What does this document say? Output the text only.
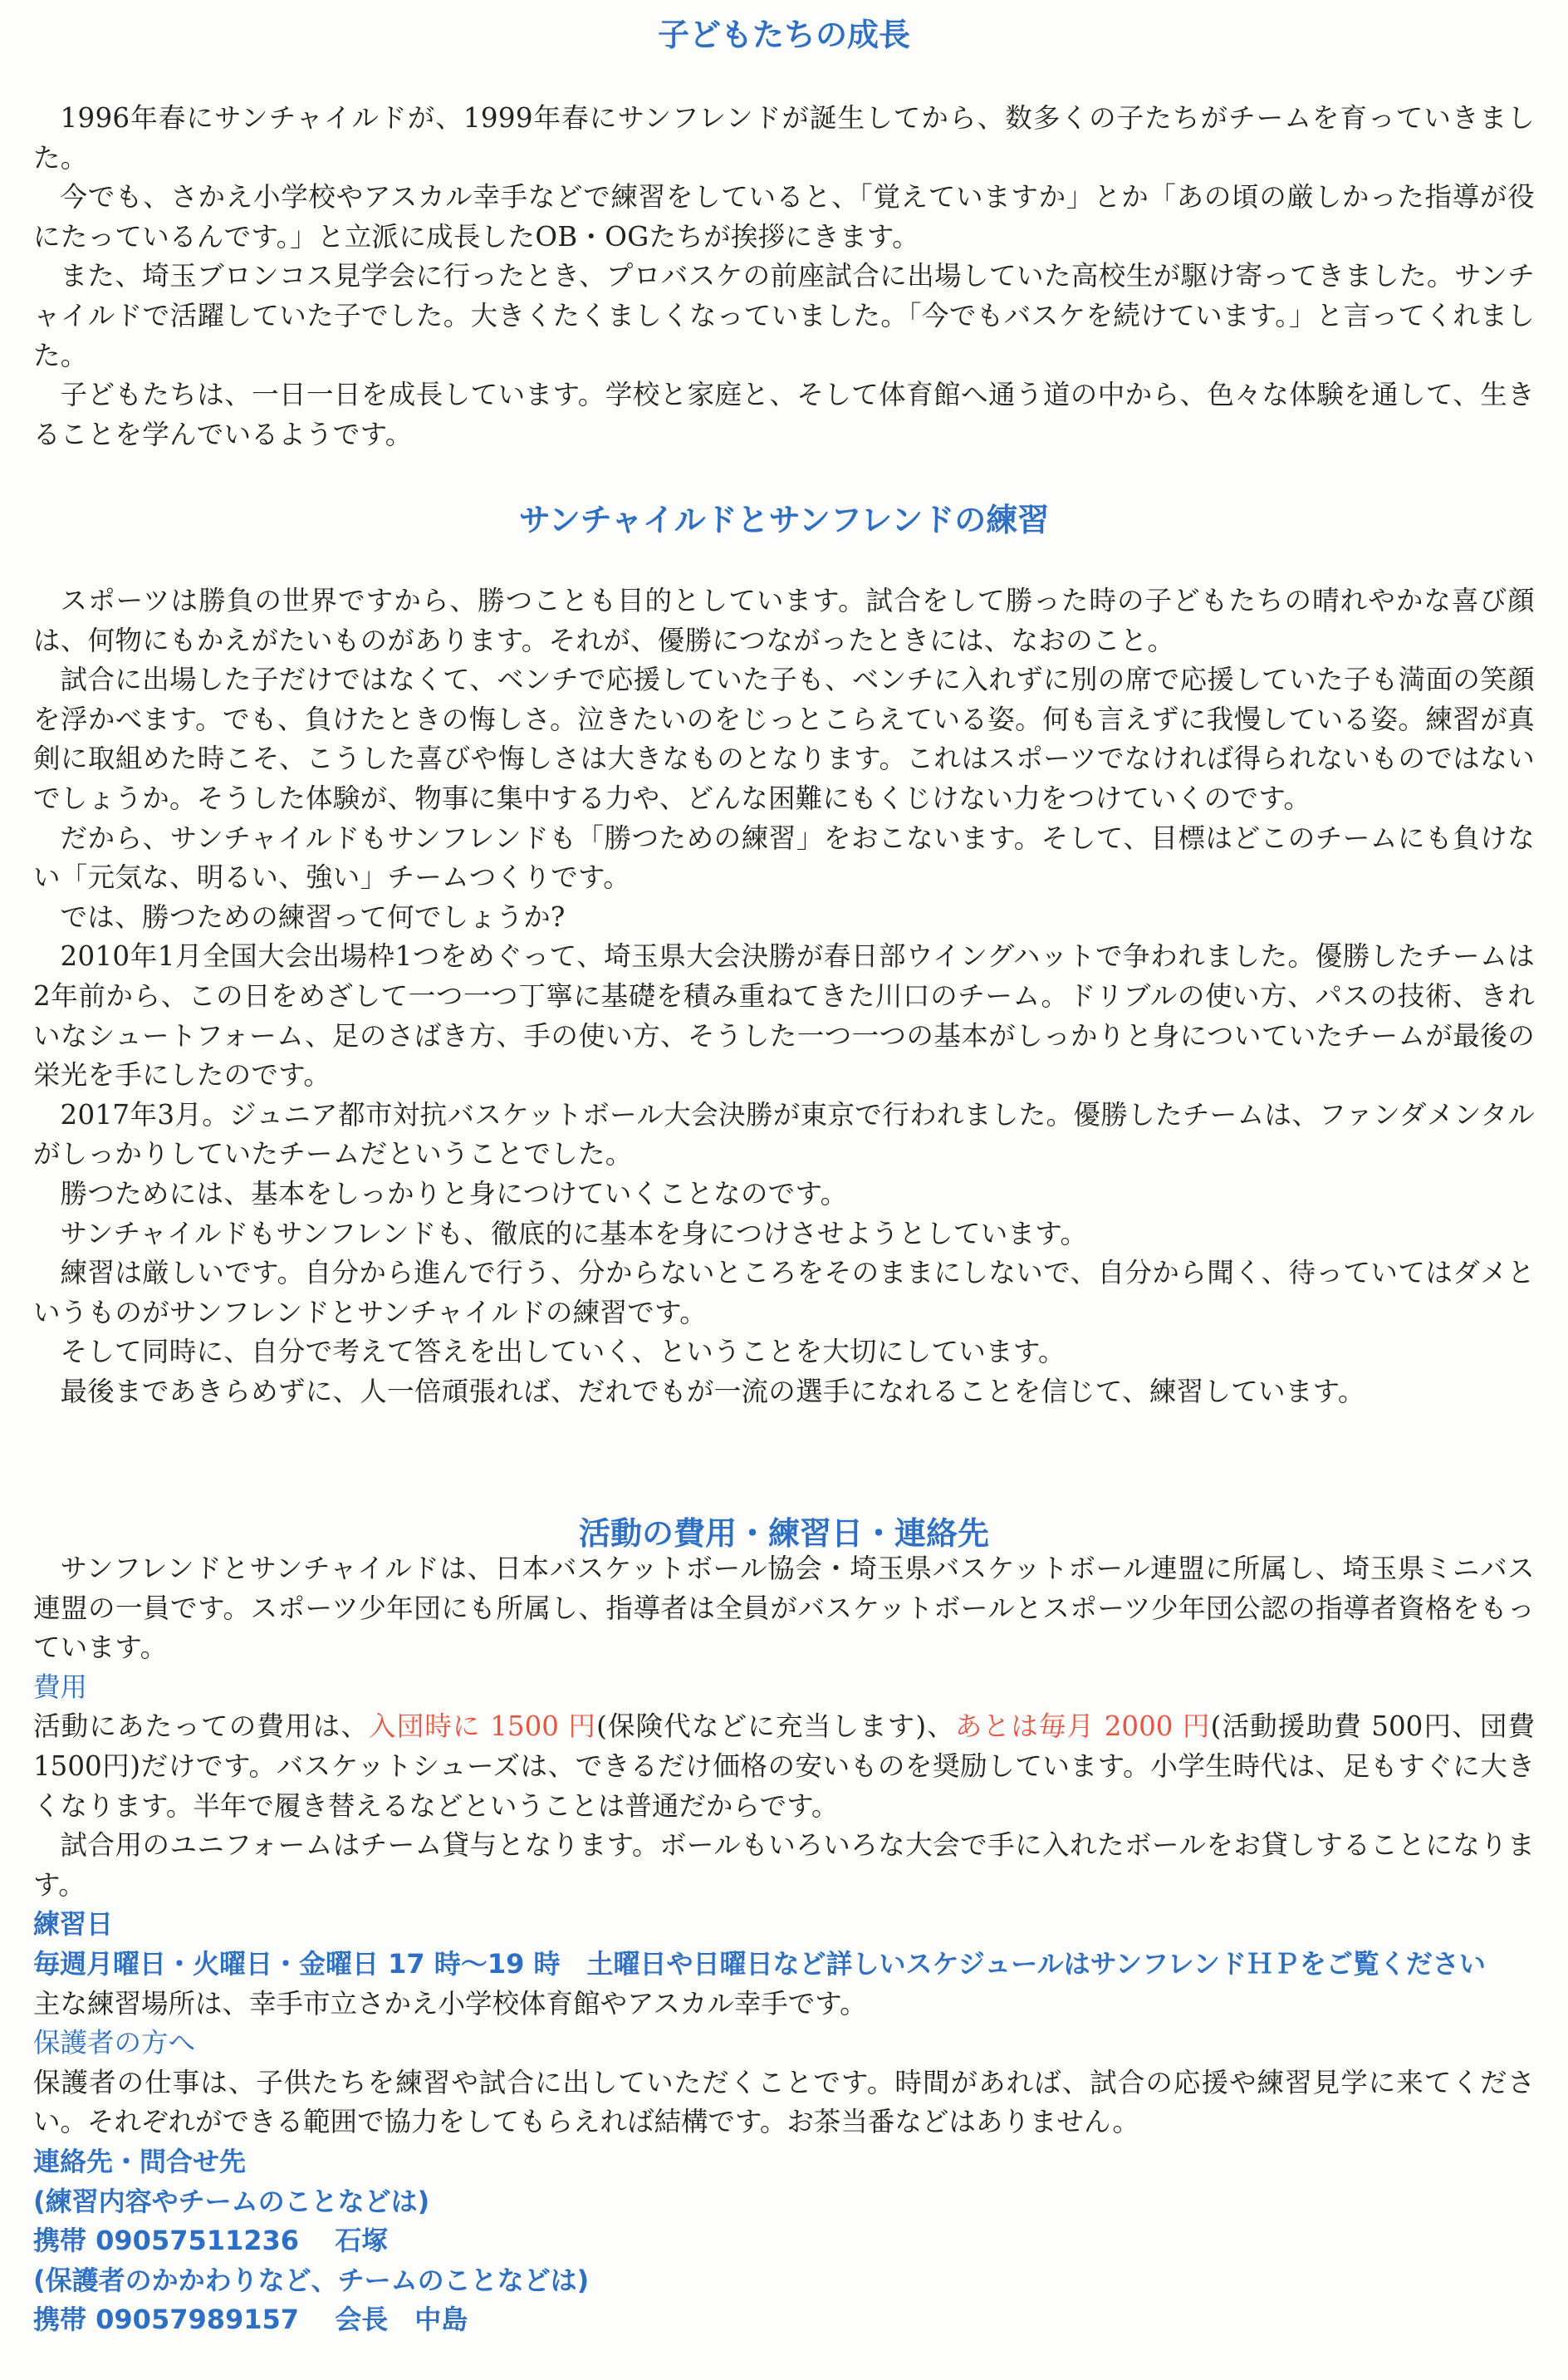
子どもたちの成長

1996年春にサンチャイルドが、1999年春にサンフレンドが誕生してから、数多くの子たちがチームを育っていきました。

今でも、さかえ小学校やアスカル幸手などで練習をしていると、「覚えていますか」とか「あの頃の厳しかった指導が役にたっているんです。」と立派に成長したOB・OGたちが挨拶にきます。

また、埼玉ブロンコス見学会に行ったとき、プロバスケの前座試合に出場していた高校生が駆け寄ってきました。サンチャイルドで活躍していた子でした。大きくたくましくなっていました。「今でもバスケを続けています。」と言ってくれました。

子どもたちは、一日一日を成長しています。学校と家庭と、そして体育館へ通う道の中から、色々な体験を通して、生きることを学んでいるようです。

サンチャイルドとサンフレンドの練習

スポーツは勝負の世界ですから、勝つことも目的としています。試合をして勝った時の子どもたちの晴れやかな喜び顔は、何物にもかえがたいものがあります。それが、優勝につながったときには、なおのこと。

試合に出場した子だけではなくて、ベンチで応援していた子も、ベンチに入れずに別の席で応援していた子も満面の笑顔を浮かべます。でも、負けたときの悔しさ。泣きたいのをじっとこらえている姿。何も言えずに我慢している姿。練習が真剣に取組めた時こそ、こうした喜びや悔しさは大きなものとなります。これはスポーツでなければ得られないものではないでしょうか。そうした体験が、物事に集中する力や、どんな困難にもくじけない力をつけていくのです。

だから、サンチャイルドもサンフレンドも「勝つための練習」をおこないます。そして、目標はどこのチームにも負けない「元気な、明るい、強い」チームつくりです。

では、勝つための練習って何でしょうか?

2010年1月全国大会出場枠1つをめぐって、埼玉県大会決勝が春日部ウイングハットで争われました。優勝したチームは2年前から、この日をめざして一つ一つ丁寧に基礎を積み重ねてきた川口のチーム。ドリブルの使い方、パスの技術、きれいなシュートフォーム、足のさばき方、手の使い方、そうした一つ一つの基本がしっかりと身についていたチームが最後の栄光を手にしたのです。

2017年3月。ジュニア都市対抗バスケットボール大会決勝が東京で行われました。優勝したチームは、ファンダメンタルがしっかりしていたチームだということでした。

勝つためには、基本をしっかりと身につけていくことなのです。

サンチャイルドもサンフレンドも、徹底的に基本を身につけさせようとしています。

練習は厳しいです。自分から進んで行う、分からないところをそのままにしないで、自分から聞く、待っていてはダメというものがサンフレンドとサンチャイルドの練習です。

そして同時に、自分で考えて答えを出していく、ということを大切にしています。

最後まであきらめずに、人一倍頑張れば、だれでもが一流の選手になれることを信じて、練習しています。

活動の費用・練習日・連絡先

サンフレンドとサンチャイルドは、日本バスケットボール協会・埼玉県バスケットボール連盟に所属し、埼玉県ミニバス連盟の一員です。スポーツ少年団にも所属し、指導者は全員がバスケットボールとスポーツ少年団公認の指導者資格をもっています。

費用

活動にあたっての費用は、入団時に 1500 円(保険代などに充当します)、あとは毎月 2000 円(活動援助費 500円、団費 1500円)だけです。バスケットシューズは、できるだけ価格の安いものを奨励しています。小学生時代は、足もすぐに大きくなります。半年で履き替えるなどということは普通だからです。

試合用のユニフォームはチーム貸与となります。ボールもいろいろな大会で手に入れたボールをお貸しすることになります。

練習日

毎週月曜日・火曜日・金曜日 17 時～19 時　土曜日や日曜日など詳しいスケジュールはサンフレンドＨＰをご覧ください

主な練習場所は、幸手市立さかえ小学校体育館やアスカル幸手です。

保護者の方へ

保護者の仕事は、子供たちを練習や試合に出していただくことです。時間があれば、試合の応援や練習見学に来てください。それぞれができる範囲で協力をしてもらえれば結構です。お茶当番などはありません。

連絡先・問合せ先

(練習内容やチームのことなどは)

携帯 09057511236　 石塚

(保護者のかかわりなど、チームのことなどは)

携帯 09057989157　 会長　中島
